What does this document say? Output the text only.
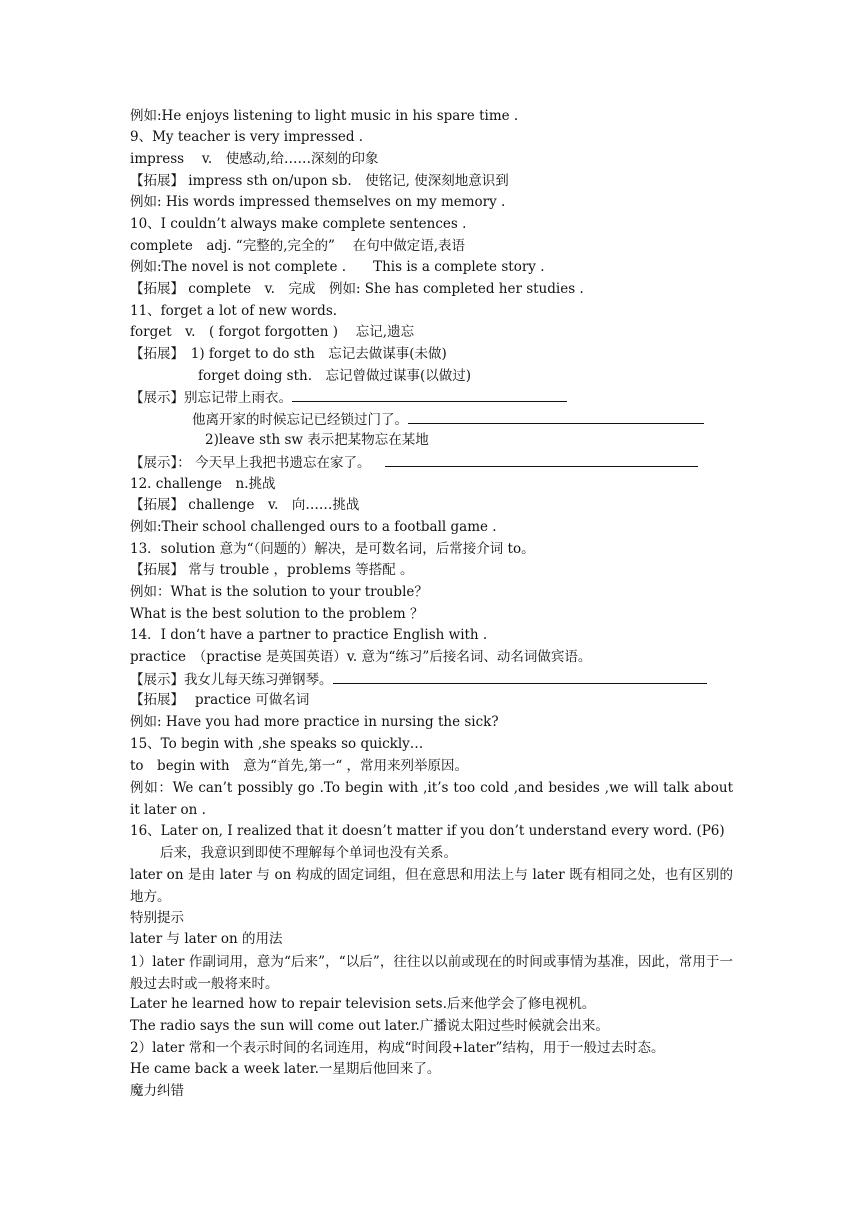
例如:He enjoys listening to light music in his spare time .
9、My teacher is very impressed .
impress　 v.　使感动,给……深刻的印象
【拓展】 impress sth on/upon sb.　使铭记, 使深刻地意识到
例如: His words impressed themselves on my memory .
10、I couldn’t always make complete sentences .
complete　adj. “完整的,完全的”　 在句中做定语,表语
例如:The novel is not complete .　　This is a complete story .
【拓展】 complete　v.　完成　例如: She has completed her studies .
11、forget a lot of new words.
forget　v.　( forgot forgotten )　 忘记,遗忘
【拓展】　1) forget to do sth　忘记去做谋事(未做)
forget doing sth.　忘记曾做过谋事(以做过)
【展示】别忘记带上雨衣。
他离开家的时候忘记已经锁过门了。
2)leave sth sw 表示把某物忘在某地
【展示】： 今天早上我把书遗忘在家了。
12. challenge　n.挑战
【拓展】 challenge　v.　向……挑战
例如:Their school challenged ours to a football game .
13．solution 意为“（问题的）解决，是可数名词，后常接介词 to。
【拓展】 常与 trouble ，problems 等搭配 。
例如：What is the solution to your trouble？
What is the best solution to the problem ？
14．I don‘t have a partner to practice English with .
practice　（practise 是英国英语）v. 意为“练习”后接名词、动名词做宾语。
【展示】我女儿每天练习弹钢琴。
【拓展】　 practice 可做名词
例如: Have you had more practice in nursing the sick?
15、To begin with ,she speaks so quickly…
to　begin with　意为“首先,第一“ ，常用来列举原因。
例如：We can’t possibly go .To begin with ,it’s too cold ,and besides ,we will talk about it later on .
16、Later on, I realized that it doesn’t matter if you don’t understand every word. (P6)
后来，我意识到即使不理解每个单词也没有关系。
later on 是由 later 与 on 构成的固定词组，但在意思和用法上与 later 既有相同之处，也有区别的地方。
特别提示
later 与 later on 的用法
1）later 作副词用，意为“后来”，“以后”，往往以以前或现在的时间或事情为基准，因此，常用于一般过去时或一般将来时。
Later he learned how to repair television sets.后来他学会了修电视机。
The radio says the sun will come out later.广播说太阳过些时候就会出来。
2）later 常和一个表示时间的名词连用，构成“时间段+later”结构，用于一般过去时态。
He came back a week later.一星期后他回来了。
魔力纠错
